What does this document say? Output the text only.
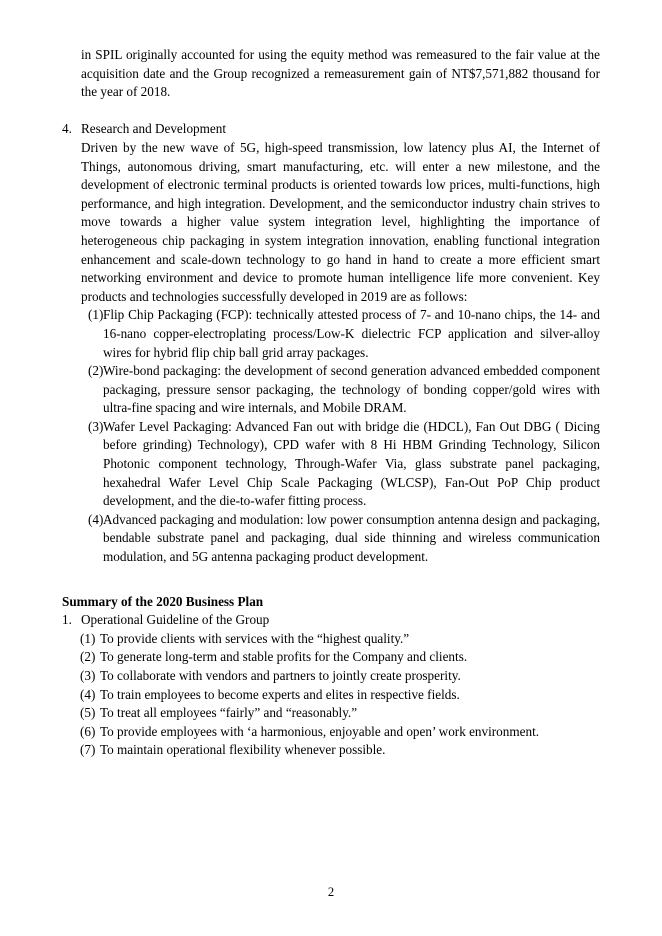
in SPIL originally accounted for using the equity method was remeasured to the fair value at the acquisition date and the Group recognized a remeasurement gain of NT$7,571,882 thousand for the year of 2018.

4. Research and Development

Driven by the new wave of 5G, high-speed transmission, low latency plus AI, the Internet of Things, autonomous driving, smart manufacturing, etc. will enter a new milestone, and the development of electronic terminal products is oriented towards low prices, multi-functions, high performance, and high integration. Development, and the semiconductor industry chain strives to move towards a higher value system integration level, highlighting the importance of heterogeneous chip packaging in system integration innovation, enabling functional integration enhancement and scale-down technology to go hand in hand to create a more efficient smart networking environment and device to promote human intelligence life more convenient. Key products and technologies successfully developed in 2019 are as follows:

(1) Flip Chip Packaging (FCP): technically attested process of 7- and 10-nano chips, the 14- and 16-nano copper-electroplating process/Low-K dielectric FCP application and silver-alloy wires for hybrid flip chip ball grid array packages.
(2) Wire-bond packaging: the development of second generation advanced embedded component packaging, pressure sensor packaging, the technology of bonding copper/gold wires with ultra-fine spacing and wire internals, and Mobile DRAM.
(3) Wafer Level Packaging: Advanced Fan out with bridge die (HDCL), Fan Out DBG ( Dicing before grinding) Technology), CPD wafer with 8 Hi HBM Grinding Technology, Silicon Photonic component technology, Through-Wafer Via, glass substrate panel packaging, hexahedral Wafer Level Chip Scale Packaging (WLCSP), Fan-Out PoP Chip product development, and the die-to-wafer fitting process.
(4) Advanced packaging and modulation: low power consumption antenna design and packaging, bendable substrate panel and packaging, dual side thinning and wireless communication modulation, and 5G antenna packaging product development.
Summary of the 2020 Business Plan
1. Operational Guideline of the Group
(1) To provide clients with services with the “highest quality.”
(2) To generate long-term and stable profits for the Company and clients.
(3) To collaborate with vendors and partners to jointly create prosperity.
(4) To train employees to become experts and elites in respective fields.
(5) To treat all employees “fairly” and “reasonably.”
(6) To provide employees with ‘a harmonious, enjoyable and open’ work environment.
(7) To maintain operational flexibility whenever possible.
2
